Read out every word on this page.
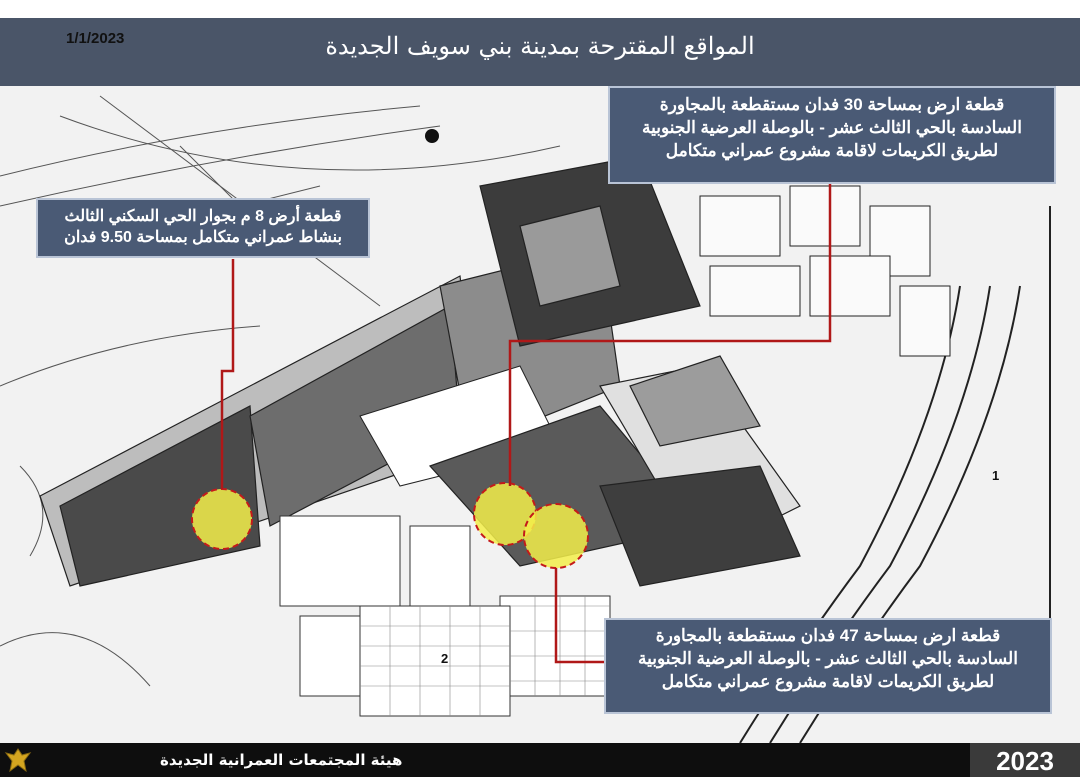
1/1/2023	المواقع المقترحة بمدينة بني سويف الجديدة
1
2
قطعة ارض بمساحة 30 فدان مستقطعة بالمجاورة
السادسة بالحي الثالث عشر - بالوصلة العرضية الجنوبية
لطريق الكريمات لاقامة مشروع عمراني متكامل
قطعة أرض 8 م بجوار الحي السكني الثالث
بنشاط عمراني متكامل بمساحة 9.50 فدان
قطعة ارض بمساحة 47 فدان مستقطعة بالمجاورة
السادسة بالحي الثالث عشر - بالوصلة العرضية الجنوبية
لطريق الكريمات لاقامة مشروع عمراني متكامل
هيئة المجتمعات العمرانية الجديدة	2023
